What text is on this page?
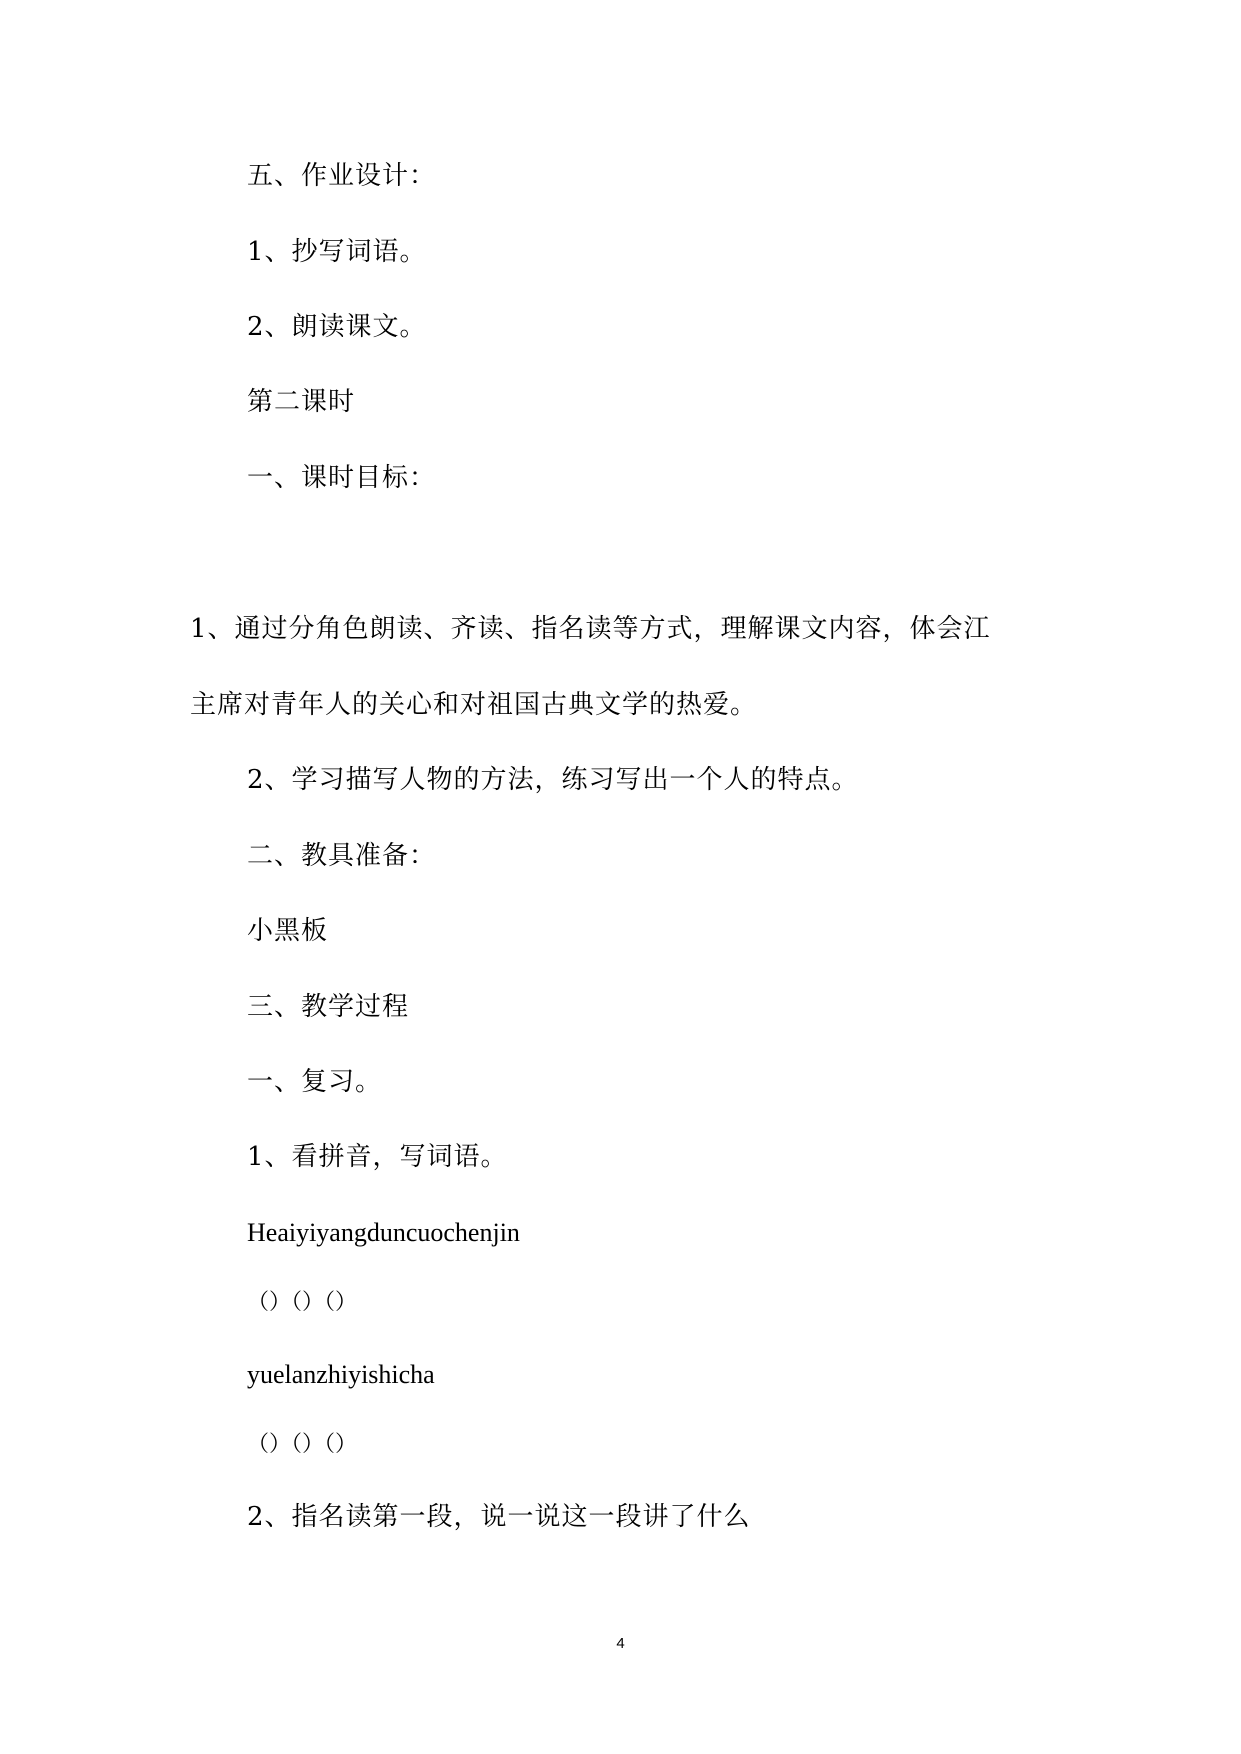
五、作业设计：
1、抄写词语。
2、朗读课文。
第二课时
一、课时目标：
1、通过分角色朗读、齐读、指名读等方式，理解课文内容，体会江
主席对青年人的关心和对祖国古典文学的热爱。
2、学习描写人物的方法，练习写出一个人的特点。
二、教具准备：
小黑板
三、教学过程
一、复习。
1、看拼音，写词语。
Heaiyiyangduncuochenjin
（）（）（）
yuelanzhiyishicha
（）（）（）
2、指名读第一段，说一说这一段讲了什么
4
